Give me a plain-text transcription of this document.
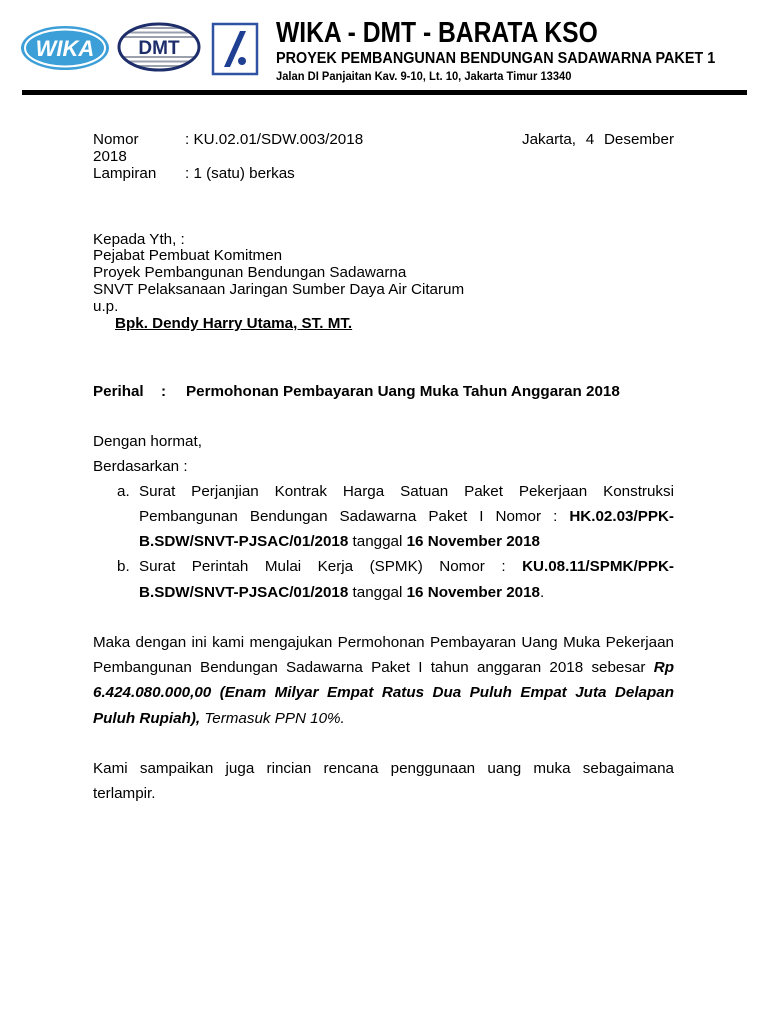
WIKA DMT	WIKA - DMT - BARATA KSO
PROYEK PEMBANGUNAN BENDUNGAN SADAWARNA PAKET 1
Jalan DI Panjaitan Kav. 9-10, Lt. 10, Jakarta Timur 13340
Nomor	: KU.02.01/SDW.003/2018	Jakarta, 4 Desember
2018
Lampiran : 1 (satu) berkas
Kepada Yth, :
Pejabat Pembuat Komitmen
Proyek Pembangunan Bendungan Sadawarna
SNVT Pelaksanaan Jaringan Sumber Daya Air Citarum
u.p.
Bpk. Dendy Harry Utama, ST. MT.
Perihal : Permohonan Pembayaran Uang Muka Tahun Anggaran 2018
Dengan hormat,
Berdasarkan :
a. Surat Perjanjian Kontrak Harga Satuan Paket Pekerjaan Konstruksi
Pembangunan Bendungan Sadawarna Paket I Nomor : HK.02.03/PPK-
B.SDW/SNVT-PJSAC/01/2018 tanggal 16 November 2018
b. Surat Perintah Mulai Kerja (SPMK) Nomor : KU.08.11/SPMK/PPK-
B.SDW/SNVT-PJSAC/01/2018 tanggal 16 November 2018.
Maka dengan ini kami mengajukan Permohonan Pembayaran Uang Muka Pekerjaan
Pembangunan Bendungan Sadawarna Paket I tahun anggaran 2018 sebesar Rp
6.424.080.000,00 (Enam Milyar Empat Ratus Dua Puluh Empat Juta Delapan
Puluh Rupiah), Termasuk PPN 10%.
Kami sampaikan juga rincian rencana penggunaan uang muka sebagaimana
terlampir.
